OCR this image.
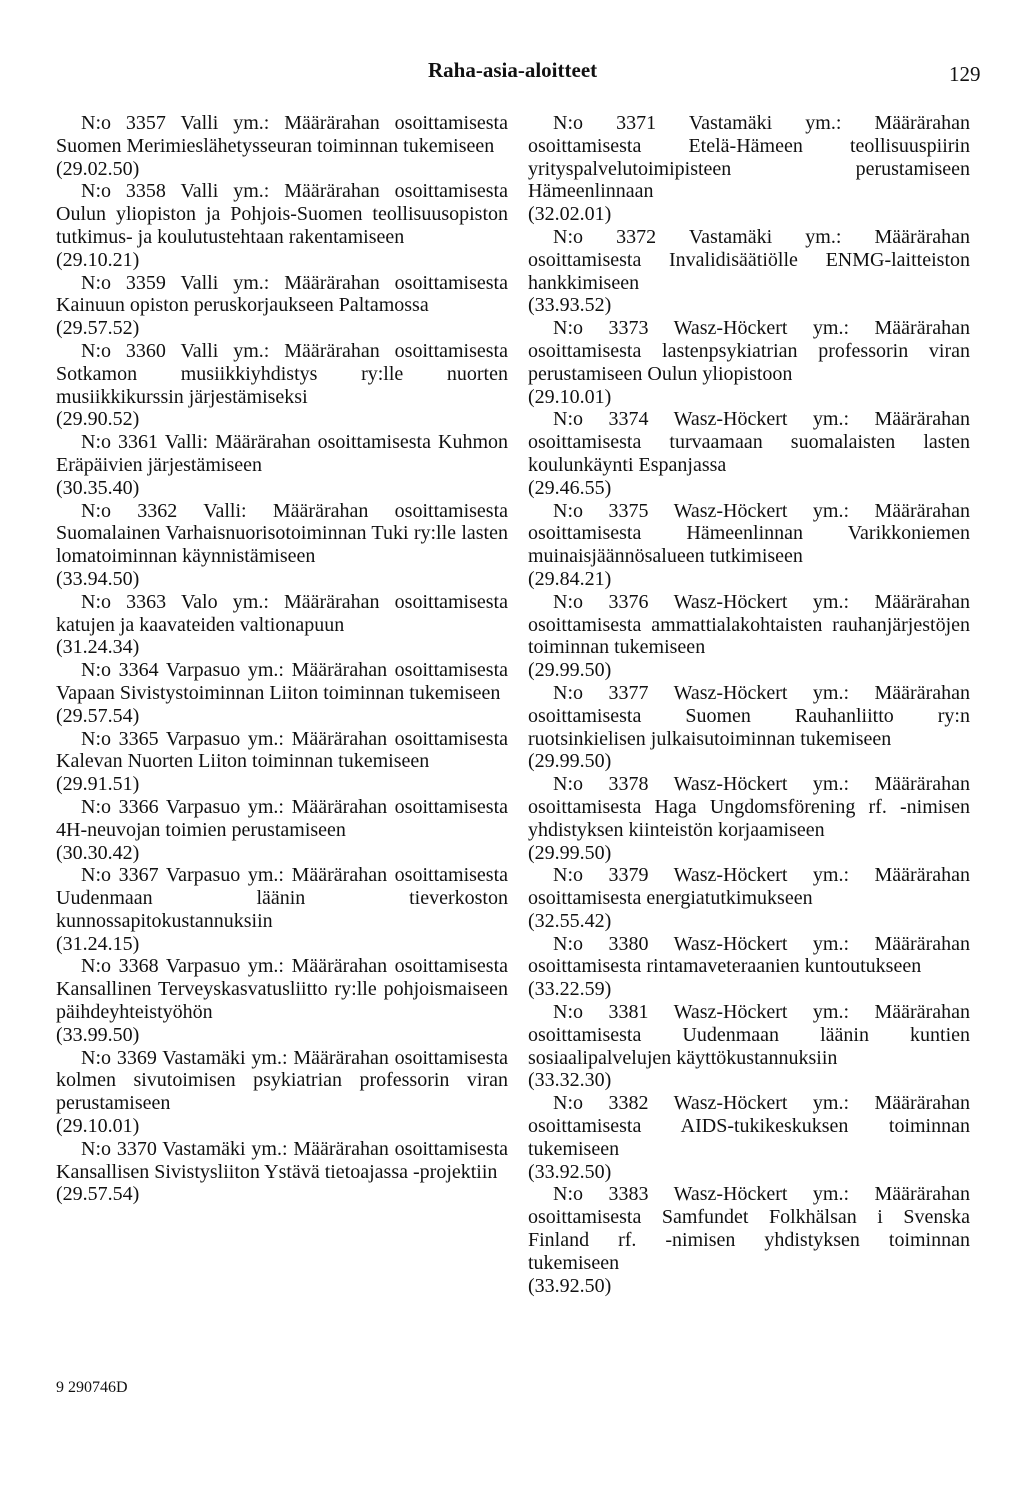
Raha-asia-aloitteet	129

N:o 3357 Valli ym.: Määrärahan osoittamisesta Suomen Merimieslähetysseuran toiminnan tukemiseen

(29.02.50)

N:o 3358 Valli ym.: Määrärahan osoittamisesta Oulun yliopiston ja Pohjois-Suomen teollisuusopiston tutkimus- ja koulutustehtaan rakentamiseen

(29.10.21)

N:o 3359 Valli ym.: Määrärahan osoittamisesta Kainuun opiston peruskorjaukseen Paltamossa

(29.57.52)

N:o 3360 Valli ym.: Määrärahan osoittamisesta Sotkamon musiikkiyhdistys ry:lle nuorten musiikkikurssin järjestämiseksi

(29.90.52)

N:o 3361 Valli: Määrärahan osoittamisesta Kuhmon Eräpäivien järjestämiseen

(30.35.40)

N:o 3362 Valli: Määrärahan osoittamisesta Suomalainen Varhaisnuorisotoiminnan Tuki ry:lle lasten lomatoiminnan käynnistämiseen

(33.94.50)

N:o 3363 Valo ym.: Määrärahan osoittamisesta katujen ja kaavateiden valtionapuun

(31.24.34)

N:o 3364 Varpasuo ym.: Määrärahan osoittamisesta Vapaan Sivistystoiminnan Liiton toiminnan tukemiseen

(29.57.54)

N:o 3365 Varpasuo ym.: Määrärahan osoittamisesta Kalevan Nuorten Liiton toiminnan tukemiseen

(29.91.51)

N:o 3366 Varpasuo ym.: Määrärahan osoittamisesta 4H-neuvojan toimien perustamiseen

(30.30.42)

N:o 3367 Varpasuo ym.: Määrärahan osoittamisesta Uudenmaan läänin tieverkoston kunnossapitokustannuksiin

(31.24.15)

N:o 3368 Varpasuo ym.: Määrärahan osoittamisesta Kansallinen Terveyskasvatusliitto ry:lle pohjoismaiseen päihdeyhteistyöhön

(33.99.50)

N:o 3369 Vastamäki ym.: Määrärahan osoittamisesta kolmen sivutoimisen psykiatrian professorin viran perustamiseen

(29.10.01)

N:o 3370 Vastamäki ym.: Määrärahan osoittamisesta Kansallisen Sivistysliiton Ystävä tietoajassa -projektiin

(29.57.54)

N:o 3371 Vastamäki ym.: Määrärahan osoittamisesta Etelä-Hämeen teollisuuspiirin yrityspalvelutoimipisteen perustamiseen Hämeenlinnaan

(32.02.01)

N:o 3372 Vastamäki ym.: Määrärahan osoittamisesta Invalidisäätiölle ENMG-laitteiston hankkimiseen

(33.93.52)

N:o 3373 Wasz-Höckert ym.: Määrärahan osoittamisesta lastenpsykiatrian professorin viran perustamiseen Oulun yliopistoon

(29.10.01)

N:o 3374 Wasz-Höckert ym.: Määrärahan osoittamisesta turvaamaan suomalaisten lasten koulunkäynti Espanjassa

(29.46.55)

N:o 3375 Wasz-Höckert ym.: Määrärahan osoittamisesta Hämeenlinnan Varikkoniemen muinaisjäännösalueen tutkimiseen

(29.84.21)

N:o 3376 Wasz-Höckert ym.: Määrärahan osoittamisesta ammattialakohtaisten rauhanjärjestöjen toiminnan tukemiseen

(29.99.50)

N:o 3377 Wasz-Höckert ym.: Määrärahan osoittamisesta Suomen Rauhanliitto ry:n ruotsinkielisen julkaisutoiminnan tukemiseen

(29.99.50)

N:o 3378 Wasz-Höckert ym.: Määrärahan osoittamisesta Haga Ungdomsförening rf. -nimisen yhdistyksen kiinteistön korjaamiseen

(29.99.50)

N:o 3379 Wasz-Höckert ym.: Määrärahan osoittamisesta energiatutkimukseen

(32.55.42)

N:o 3380 Wasz-Höckert ym.: Määrärahan osoittamisesta rintamaveteraanien kuntoutukseen

(33.22.59)

N:o 3381 Wasz-Höckert ym.: Määrärahan osoittamisesta Uudenmaan läänin kuntien sosiaalipalvelujen käyttökustannuksiin

(33.32.30)

N:o 3382 Wasz-Höckert ym.: Määrärahan osoittamisesta AIDS-tukikeskuksen toiminnan tukemiseen

(33.92.50)

N:o 3383 Wasz-Höckert ym.: Määrärahan osoittamisesta Samfundet Folkhälsan i Svenska Finland rf. -nimisen yhdistyksen toiminnan tukemiseen

(33.92.50)

9 290746D
